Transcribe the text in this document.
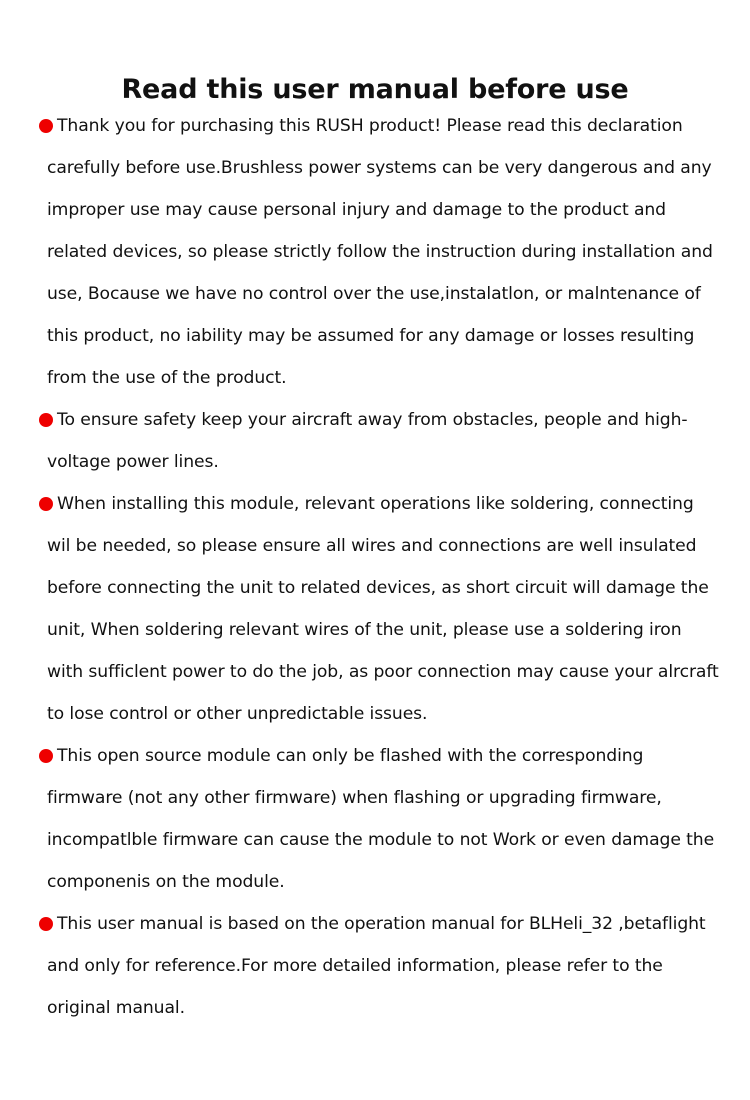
Read this user manual before use
Thank you for purchasing this RUSH product! Please read this declaration carefully before use.Brushless power systems can be very dangerous and any improper use may cause personal injury and damage to the product and related devices, so please strictly follow the instruction during installation and use, Bocause we have no control over the use,instalatlon, or malntenance of this product, no iability may be assumed for any damage or losses resulting from the use of the product.
To ensure safety keep your aircraft away from obstacles, people and high-voltage power lines.
When installing this module, relevant operations like soldering, connecting wil be needed, so please ensure all wires and connections are well insulated before connecting the unit to related devices, as short circuit will damage the unit, When soldering relevant wires of the unit, please use a soldering iron with sufficlent power to do the job, as poor connection may cause your alrcraft to lose control or other unpredictable issues.
This open source module can only be flashed with the corresponding firmware (not any other firmware) when flashing or upgrading firmware, incompatlble firmware can cause the module to not Work or even damage the componenis on the module.
This user manual is based on the operation manual for BLHeli_32 ,betaflight and only for reference.For more detailed information, please refer to the original manual.
